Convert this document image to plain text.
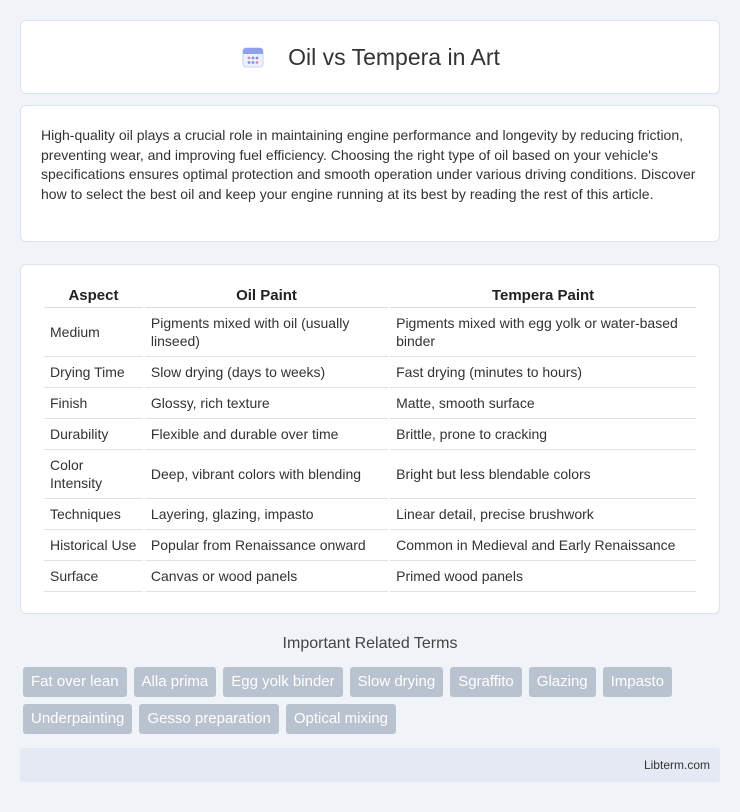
Oil vs Tempera in Art

High-quality oil plays a crucial role in maintaining engine performance and longevity by reducing friction, preventing wear, and improving fuel efficiency. Choosing the right type of oil based on your vehicle's specifications ensures optimal protection and smooth operation under various driving conditions. Discover how to select the best oil and keep your engine running at its best by reading the rest of this article.

Aspect	Oil Paint	Tempera Paint
Medium	Pigments mixed with oil (usually linseed)	Pigments mixed with egg yolk or water-based binder
Drying Time	Slow drying (days to weeks)	Fast drying (minutes to hours)
Finish	Glossy, rich texture	Matte, smooth surface
Durability	Flexible and durable over time	Brittle, prone to cracking
Color Intensity	Deep, vibrant colors with blending	Bright but less blendable colors
Techniques	Layering, glazing, impasto	Linear detail, precise brushwork
Historical Use	Popular from Renaissance onward	Common in Medieval and Early Renaissance
Surface	Canvas or wood panels	Primed wood panels
Important Related Terms
Fat over lean	Alla prima	Egg yolk binder	Slow drying	Sgraffito	Glazing	Impasto
Underpainting	Gesso preparation	Optical mixing
Libterm.com
